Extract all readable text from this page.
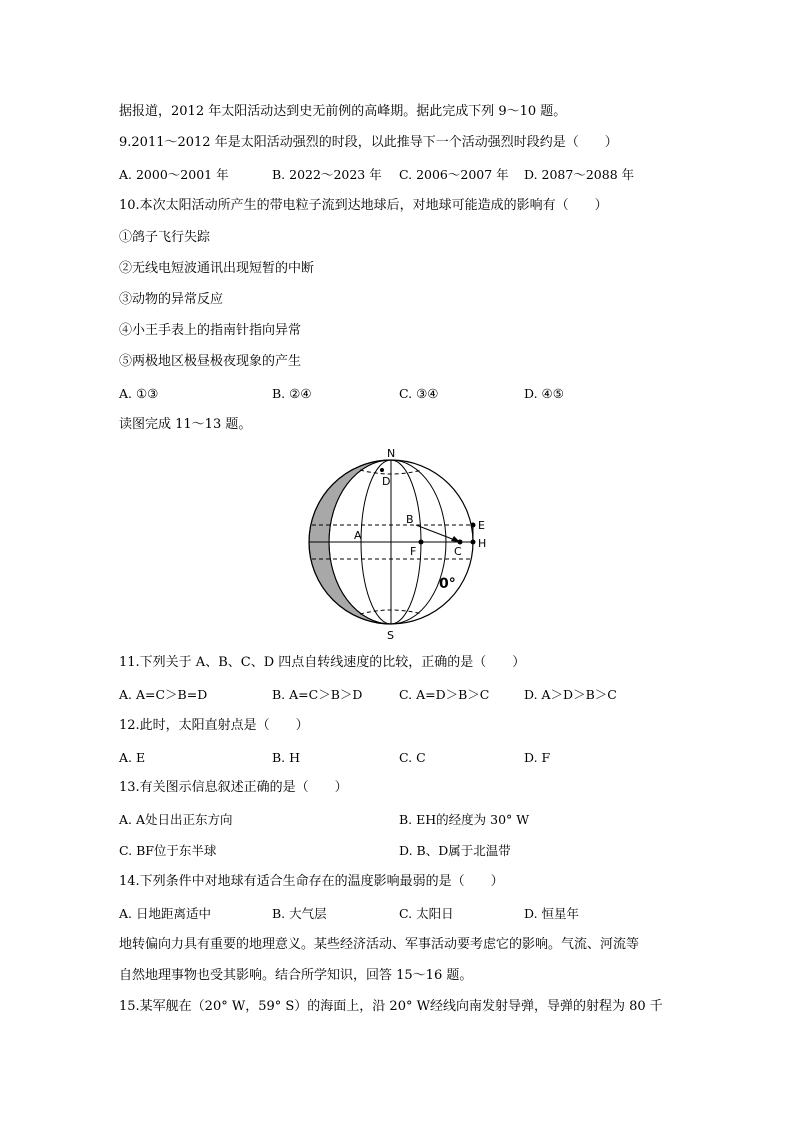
据报道，2012 年太阳活动达到史无前例的高峰期。据此完成下列 9～10 题。
9.2011～2012 年是太阳活动强烈的时段，以此推导下一个活动强烈时段约是（　　）
A. 2000～2001 年	B. 2022～2023 年 C. 2006～2007 年 D. 2087～2088 年
10.本次太阳活动所产生的带电粒子流到达地球后，对地球可能造成的影响有（　　）
①鸽子飞行失踪
②无线电短波通讯出现短暂的中断
③动物的异常反应
④小王手表上的指南针指向异常
⑤两极地区极昼极夜现象的产生
A. ①③	B. ②④	C. ③④	D. ④⑤
读图完成 11～13 题。
N
S
A
B
C
D
E
F
H
0°
11.下列关于 A、B、C、D 四点自转线速度的比较，正确的是（　　）
A. A=C＞B=D	B. A=C＞B＞D	C. A=D＞B＞C	D. A＞D＞B＞C
12.此时，太阳直射点是（　　）
A. E	B. H	C. C	D. F
13.有关图示信息叙述正确的是（　　）
A. A处日出正东方向	B. EH的经度为 30° W
C. BF位于东半球	D. B、D属于北温带
14.下列条件中对地球有适合生命存在的温度影响最弱的是（　　）
A. 日地距离适中	B. 大气层	C. 太阳日	D. 恒星年
地转偏向力具有重要的地理意义。某些经济活动、军事活动要考虑它的影响。气流、河流等
自然地理事物也受其影响。结合所学知识，回答 15～16 题。
15.某军舰在（20° W，59° S）的海面上，沿 20° W经线向南发射导弹，导弹的射程为 80 千
